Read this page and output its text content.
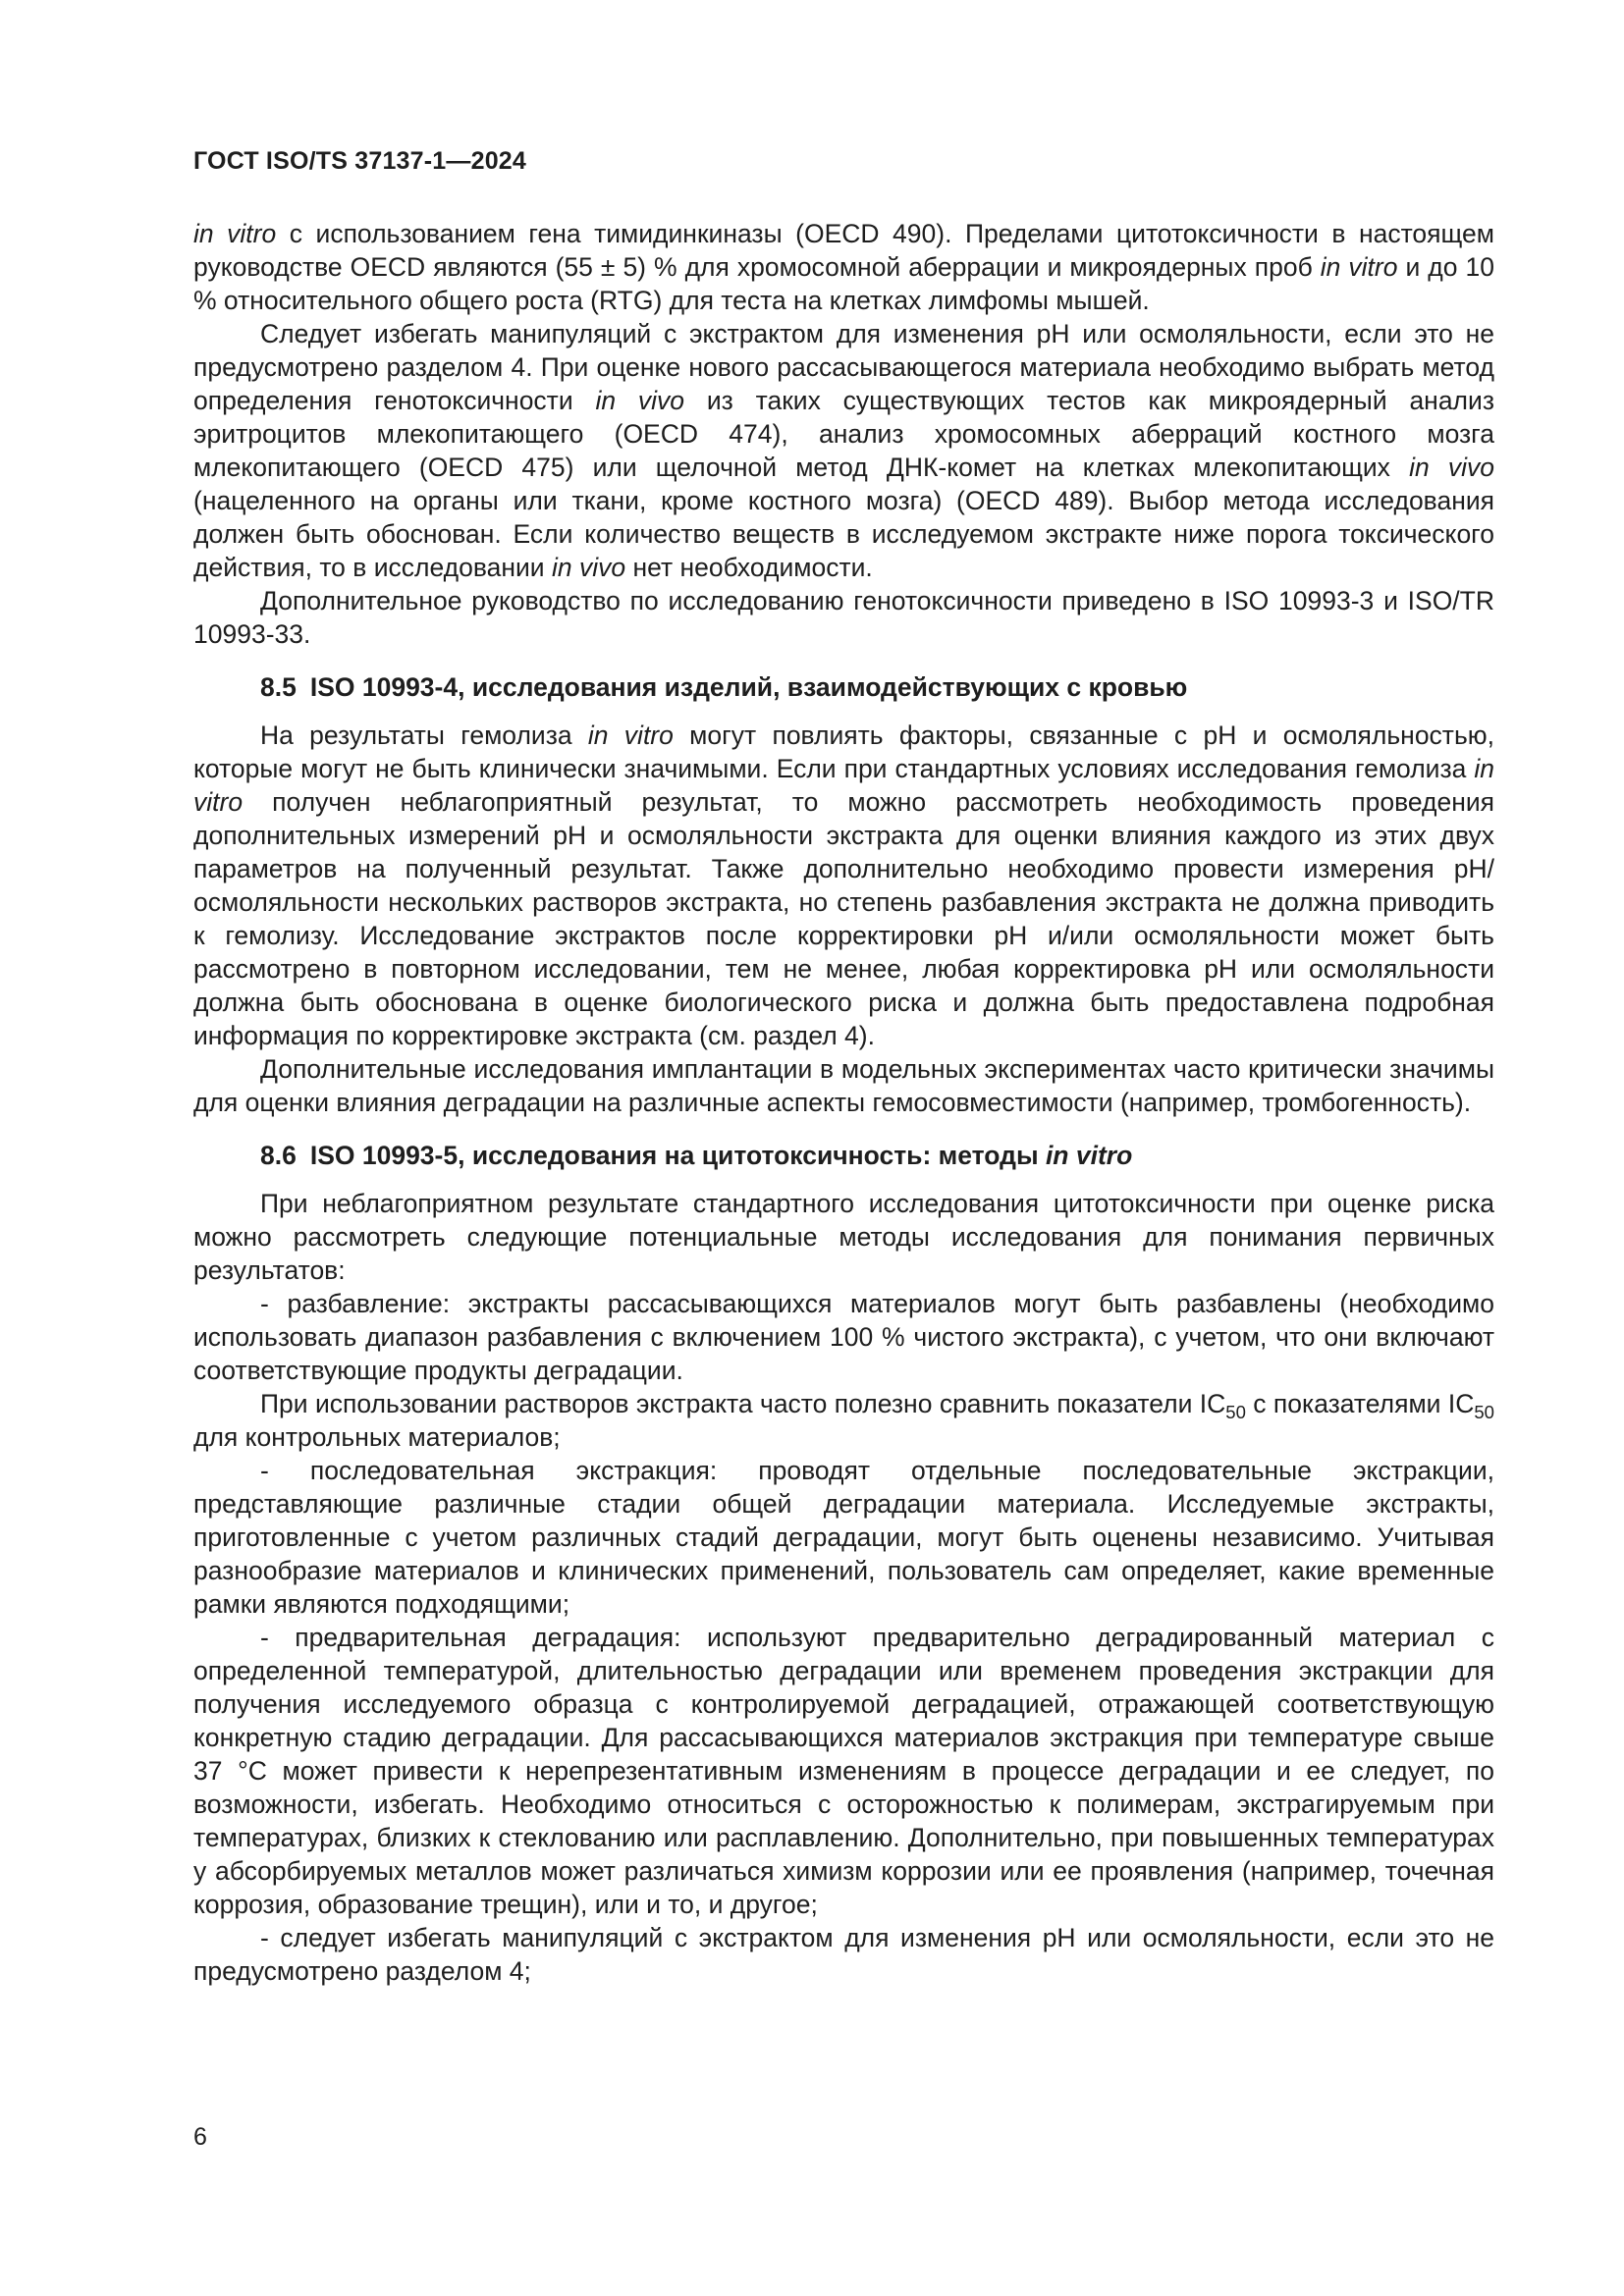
ГОСТ ISO/TS 37137-1—2024

in vitro с использованием гена тимидинкиназы (OECD 490). Пределами цитотоксичности в настоящем руководстве OECD являются (55 ± 5) % для хромосомной аберрации и микроядерных проб in vitro и до 10 % относительного общего роста (RTG) для теста на клетках лимфомы мышей.

Следует избегать манипуляций с экстрактом для изменения pH или осмоляльности, если это не предусмотрено разделом 4. При оценке нового рассасывающегося материала необходимо выбрать метод определения генотоксичности in vivo из таких существующих тестов как микроядерный анализ эритроцитов млекопитающего (OECD 474), анализ хромосомных аберраций костного мозга млекопитающего (OECD 475) или щелочной метод ДНК-комет на клетках млекопитающих in vivo (нацеленного на органы или ткани, кроме костного мозга) (OECD 489). Выбор метода исследования должен быть обоснован. Если количество веществ в исследуемом экстракте ниже порога токсического действия, то в исследовании in vivo нет необходимости.

Дополнительное руководство по исследованию генотоксичности приведено в ISO 10993-3 и ISO/TR 10993-33.

8.5 ISO 10993-4, исследования изделий, взаимодействующих с кровью

На результаты гемолиза in vitro могут повлиять факторы, связанные с pH и осмоляльностью, которые могут не быть клинически значимыми. Если при стандартных условиях исследования гемолиза in vitro получен неблагоприятный результат, то можно рассмотреть необходимость проведения дополнительных измерений pH и осмоляльности экстракта для оценки влияния каждого из этих двух параметров на полученный результат. Также дополнительно необходимо провести измерения pH/осмоляльности нескольких растворов экстракта, но степень разбавления экстракта не должна приводить к гемолизу. Исследование экстрактов после корректировки pH и/или осмоляльности может быть рассмотрено в повторном исследовании, тем не менее, любая корректировка pH или осмоляльности должна быть обоснована в оценке биологического риска и должна быть предоставлена подробная информация по корректировке экстракта (см. раздел 4).

Дополнительные исследования имплантации в модельных экспериментах часто критически значимы для оценки влияния деградации на различные аспекты гемосовместимости (например, тромбогенность).

8.6 ISO 10993-5, исследования на цитотоксичность: методы in vitro

При неблагоприятном результате стандартного исследования цитотоксичности при оценке риска можно рассмотреть следующие потенциальные методы исследования для понимания первичных результатов:

- разбавление: экстракты рассасывающихся материалов могут быть разбавлены (необходимо использовать диапазон разбавления с включением 100 % чистого экстракта), с учетом, что они включают соответствующие продукты деградации.

При использовании растворов экстракта часто полезно сравнить показатели $IC_{50}$ с показателями $IC_{50}$ для контрольных материалов;

- последовательная экстракция: проводят отдельные последовательные экстракции, представляющие различные стадии общей деградации материала. Исследуемые экстракты, приготовленные с учетом различных стадий деградации, могут быть оценены независимо. Учитывая разнообразие материалов и клинических применений, пользователь сам определяет, какие временные рамки являются подходящими;

- предварительная деградация: используют предварительно деградированный материал с определенной температурой, длительностью деградации или временем проведения экстракции для получения исследуемого образца с контролируемой деградацией, отражающей соответствующую конкретную стадию деградации. Для рассасывающихся материалов экстракция при температуре свыше 37 °С может привести к нерепрезентативным изменениям в процессе деградации и ее следует, по возможности, избегать. Необходимо относиться с осторожностью к полимерам, экстрагируемым при температурах, близких к стеклованию или расплавлению. Дополнительно, при повышенных температурах у абсорбируемых металлов может различаться химизм коррозии или ее проявления (например, точечная коррозия, образование трещин), или и то, и другое;

- следует избегать манипуляций с экстрактом для изменения pH или осмоляльности, если это не предусмотрено разделом 4;

6
